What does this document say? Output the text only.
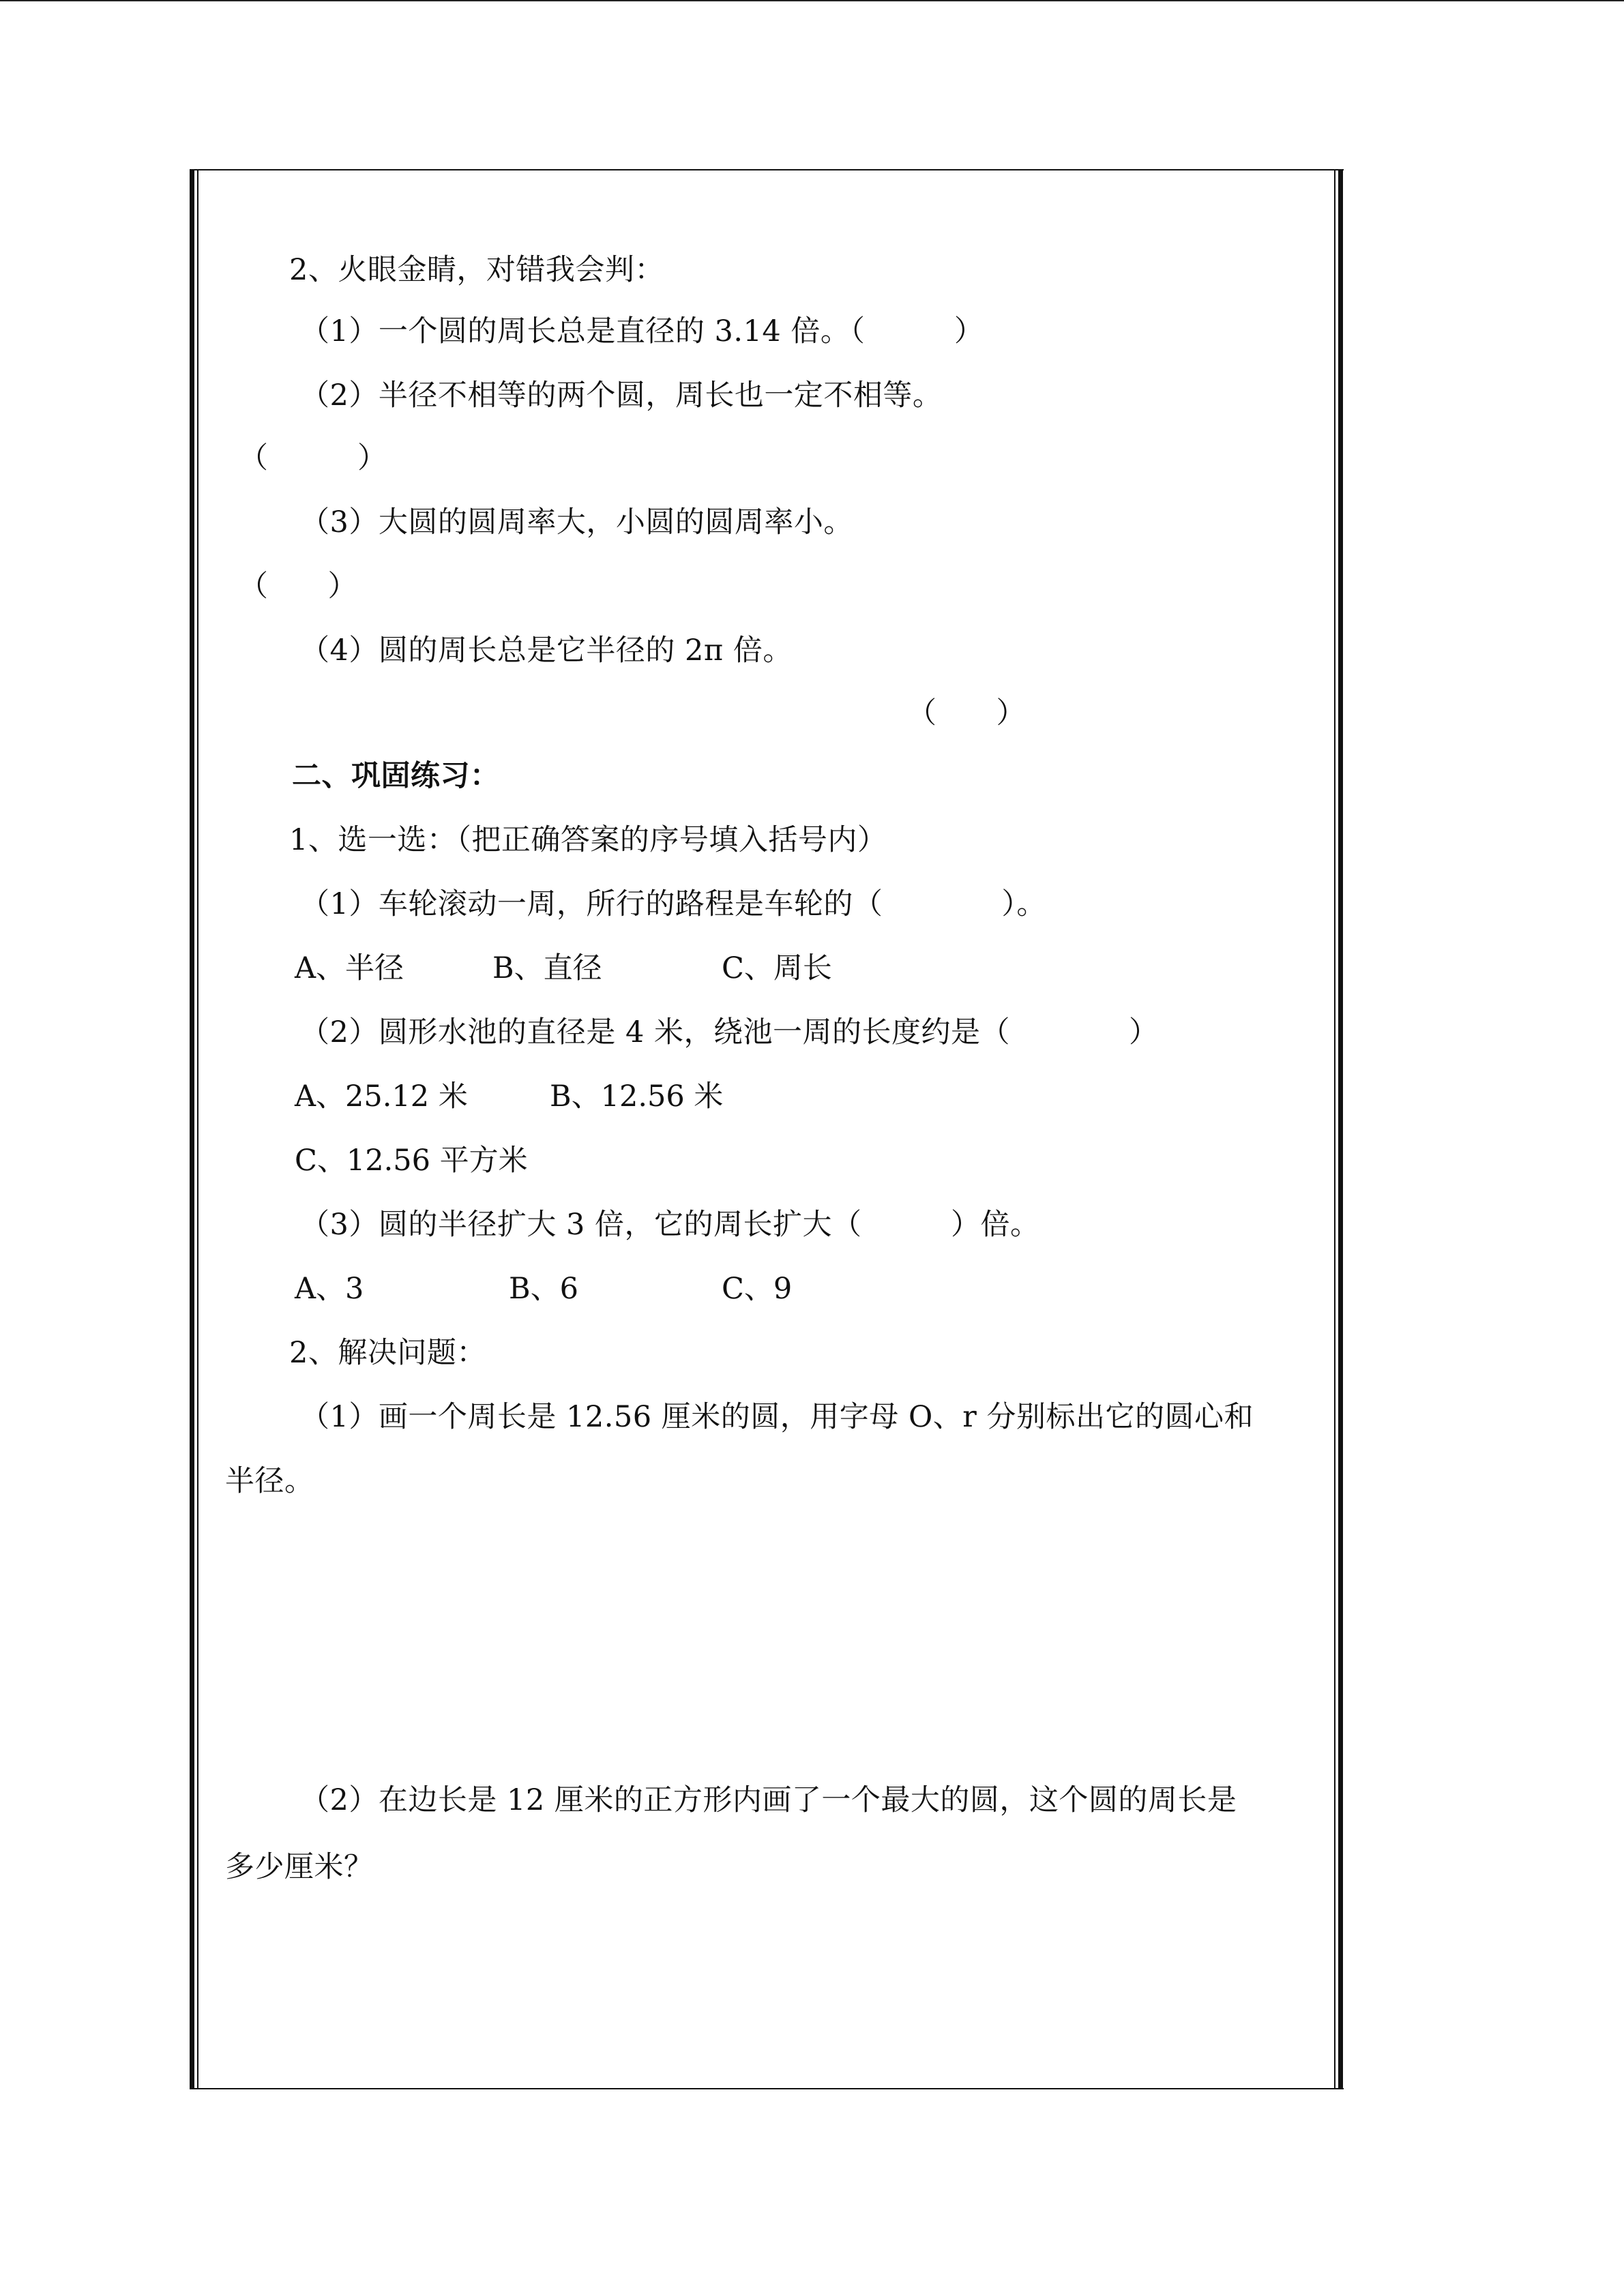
2、火眼金睛，对错我会判：
（1）一个圆的周长总是直径的 3.14 倍。（　　　）
（2）半径不相等的两个圆，周长也一定不相等。
（　　　）
（3）大圆的圆周率大，小圆的圆周率小。
（　　）
（4）圆的周长总是它半径的 2π 倍。
（　　）
二、巩固练习：
1、选一选：（把正确答案的序号填入括号内）
（1）车轮滚动一周，所行的路程是车轮的（　　　　）。
A、半径	B、直径	C、周长
（2）圆形水池的直径是 4 米，绕池一周的长度约是（　　　　）
A、25.12 米	B、12.56 米
C、12.56 平方米
（3）圆的半径扩大 3 倍，它的周长扩大（　　　）倍。
A、3	B、6	C、9
2、解决问题：
（1）画一个周长是 12.56 厘米的圆，用字母 O、r 分别标出它的圆心和
半径。
（2）在边长是 12 厘米的正方形内画了一个最大的圆，这个圆的周长是
多少厘米？
